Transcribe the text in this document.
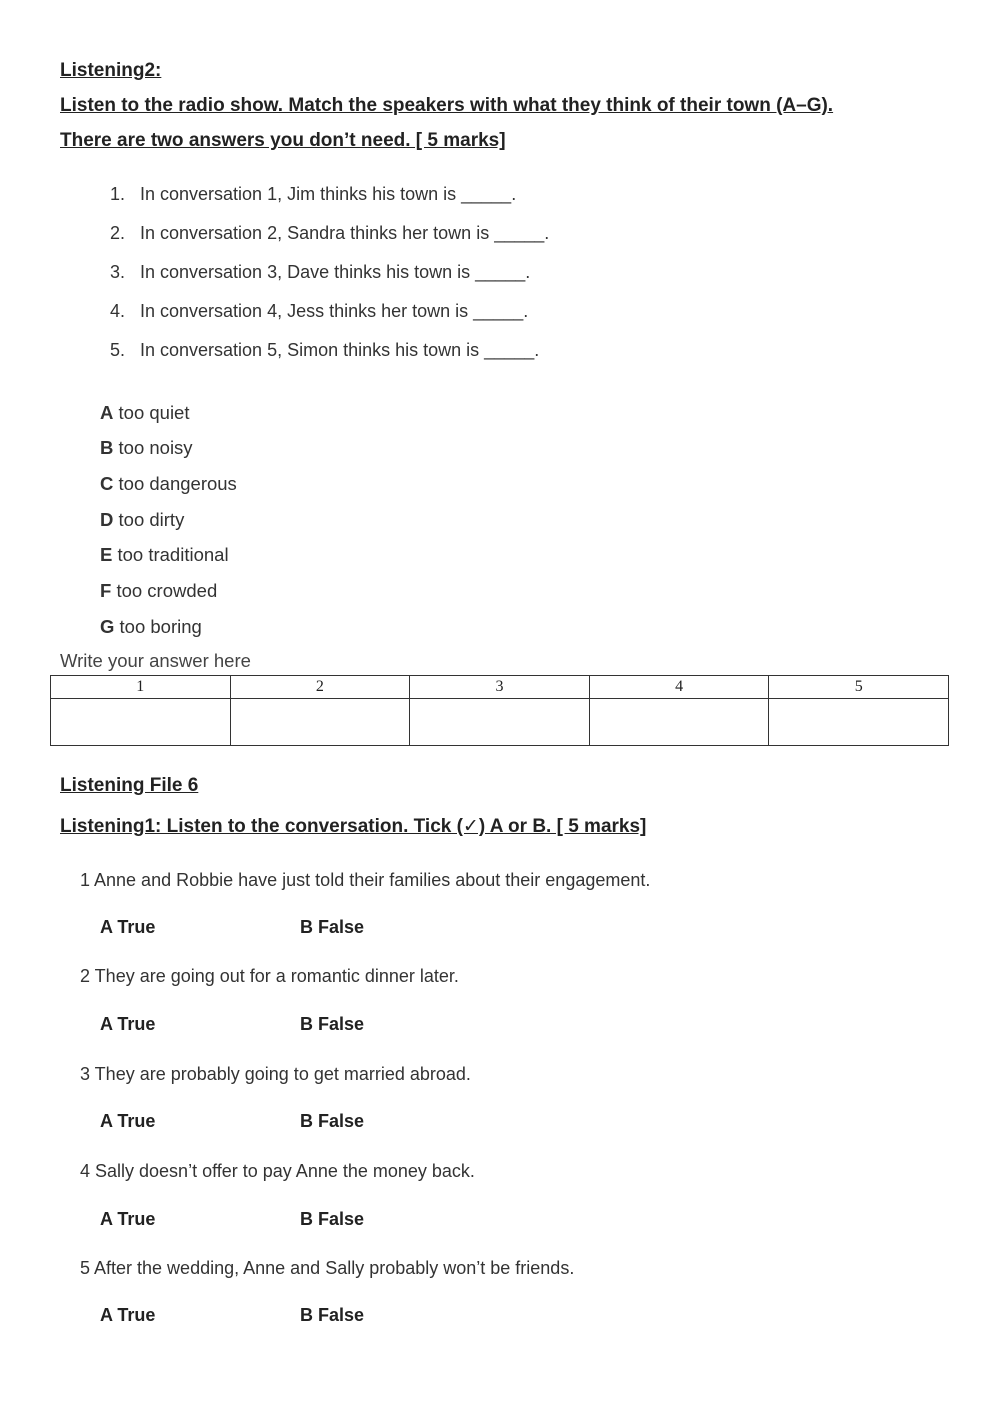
Listening2:
Listen to the radio show. Match the speakers with what they think of their town (A–G).
There are two answers you don’t need. [ 5 marks]
1. In conversation 1, Jim thinks his town is _____.
2. In conversation 2, Sandra thinks her town is _____.
3. In conversation 3, Dave thinks his town is _____.
4. In conversation 4, Jess thinks her town is _____.
5. In conversation 5, Simon thinks his town is _____.
A too quiet
B too noisy
C too dangerous
D too dirty
E too traditional
F too crowded
G too boring
Write your answer here
1	2	3	4	5

Listening File 6
Listening1: Listen to the conversation. Tick (✓) A or B. [ 5 marks]
1 Anne and Robbie have just told their families about their engagement.
A True	B False
2 They are going out for a romantic dinner later.
A True	B False
3 They are probably going to get married abroad.
A True	B False
4 Sally doesn’t offer to pay Anne the money back.
A True	B False
5 After the wedding, Anne and Sally probably won’t be friends.
A True	B False
